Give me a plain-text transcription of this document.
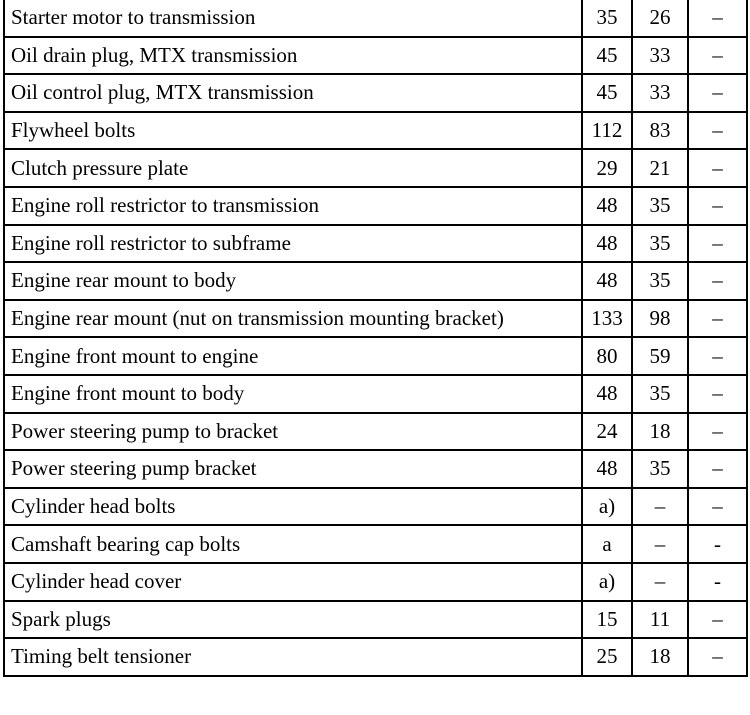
Starter motor to transmission	35	26	–
Oil drain plug, MTX transmission	45	33	–
Oil control plug, MTX transmission	45	33	–
Flywheel bolts	112	83	–
Clutch pressure plate	29	21	–
Engine roll restrictor to transmission	48	35	–
Engine roll restrictor to subframe	48	35	–
Engine rear mount to body	48	35	–
Engine rear mount (nut on transmission mounting bracket)	133	98	–
Engine front mount to engine	80	59	–
Engine front mount to body	48	35	–
Power steering pump to bracket	24	18	–
Power steering pump bracket	48	35	–
Cylinder head bolts	a)	–	–
Camshaft bearing cap bolts	a	–	-
Cylinder head cover	a)	–	-
Spark plugs	15	11	–
Timing belt tensioner	25	18	–
